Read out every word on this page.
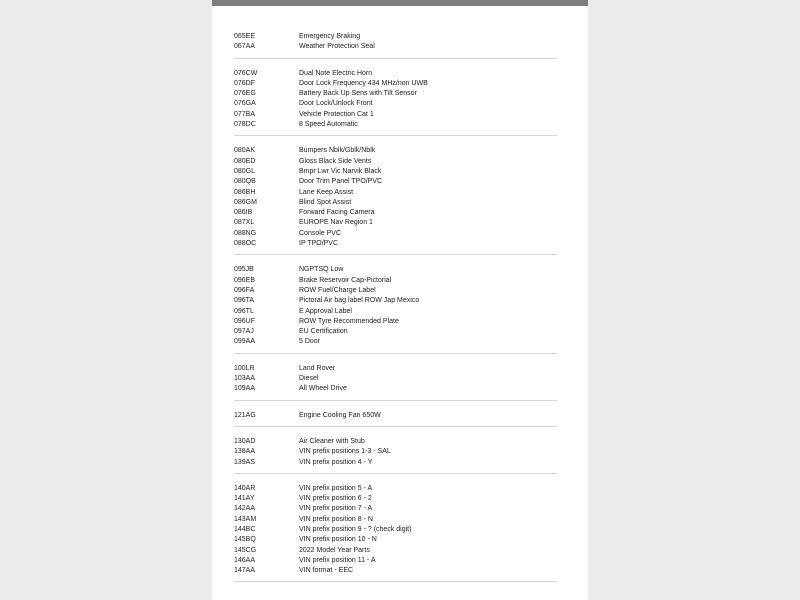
065EE	Emergency Braking
067AA	Weather Protection Seal
076CW	Dual Note Electric Horn
076DF	Door Lock Frequency 434 MHz/non UWB
076EG	Battery Back Up Sens with Tilt Sensor
076GA	Door Lock/Unlock Front
077BA	Vehicle Protection Cat 1
078DC	8 Speed Automatic
080AK	Bumpers Nblk/Gblk/Nblk
080ED	Gloss Black Side Vents
080GL	Bmpr Lwr Vic Narvik Black
080QB	Door Trim Panel TPO/PVC
086BH	Lane Keep Assist
086GM	Blind Spot Assist
086IB	Forward Facing Camera
087XL	EUROPE Nav Region 1
088NG	Console PVC
088OC	IP TPO/PVC
095JB	NGPTSQ Low
096EB	Brake Reservoir Cap-Pictorial
096FA	ROW Fuel/Charge Label
096TA	Pictoral Air bag label ROW Jap Mexico
096TL	E Approval Label
096UF	ROW Tyre Recommended Plate
097AJ	EU Certification
099AA	5 Door
100LR	Land Rover
103AA	Diesel
109AA	All Wheel Drive
121AG	Engine Cooling Fan 650W
130AD	Air Cleaner with Stub
138AA	VIN prefix positions 1-3 - SAL
139AS	VIN prefix position 4 - Y
140AR	VIN prefix position 5 - A
141AY	VIN prefix position 6 - 2
142AA	VIN prefix position 7 - A
143AM	VIN prefix position 8 - N
144BC	VIN prefix position 9 - ? (check digit)
145BQ	VIN prefix position 10 - N
145CG	2022 Model Year Parts
146AA	VIN prefix position 11 - A
147AA	VIN format - EEC
